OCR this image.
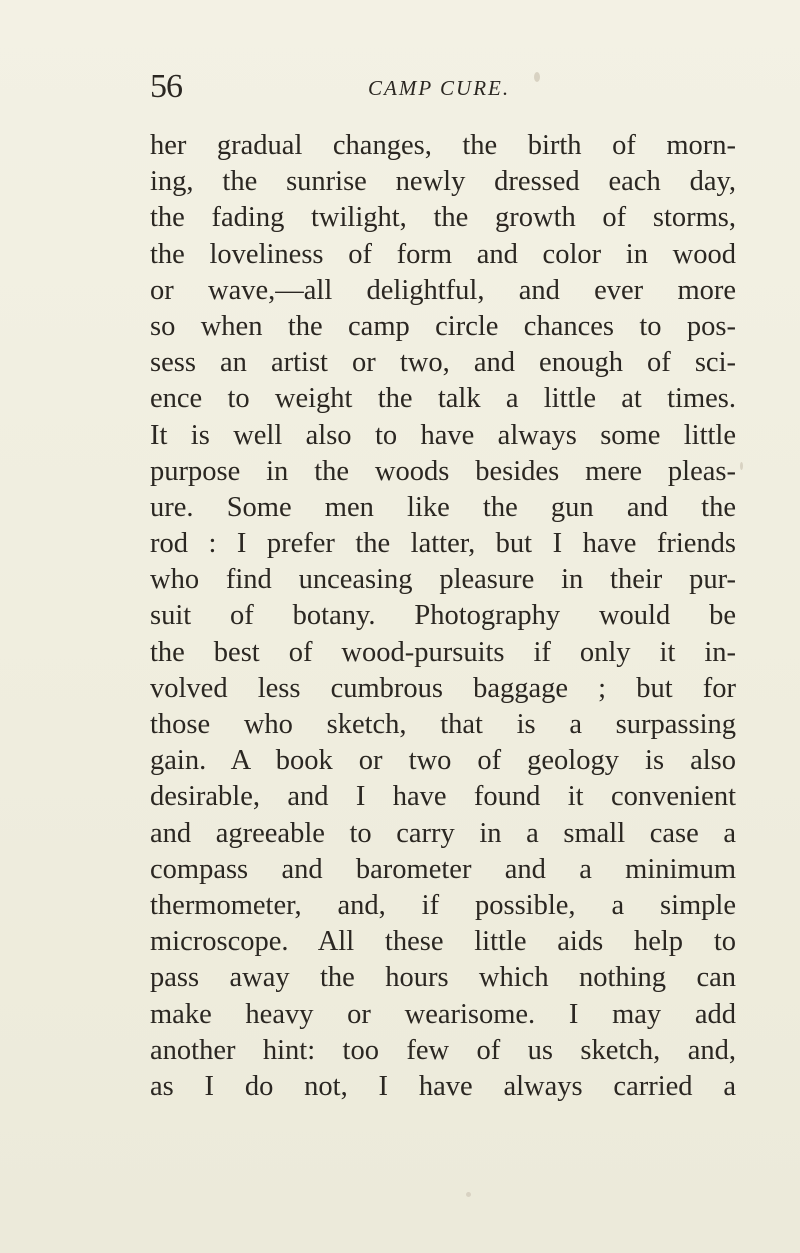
56	CAMP CURE.
her gradual changes, the birth of morn-
ing, the sunrise newly dressed each day,
the fading twilight, the growth of storms,
the loveliness of form and color in wood
or wave,—all delightful, and ever more
so when the camp circle chances to pos-
sess an artist or two, and enough of sci-
ence to weight the talk a little at times.
It is well also to have always some little
purpose in the woods besides mere pleas-
ure. Some men like the gun and the
rod : I prefer the latter, but I have friends
who find unceasing pleasure in their pur-
suit of botany. Photography would be
the best of wood-pursuits if only it in-
volved less cumbrous baggage ; but for
those who sketch, that is a surpassing
gain. A book or two of geology is also
desirable, and I have found it convenient
and agreeable to carry in a small case a
compass and barometer and a minimum
thermometer, and, if possible, a simple
microscope. All these little aids help to
pass away the hours which nothing can
make heavy or wearisome. I may add
another hint: too few of us sketch, and,
as I do not, I have always carried a
